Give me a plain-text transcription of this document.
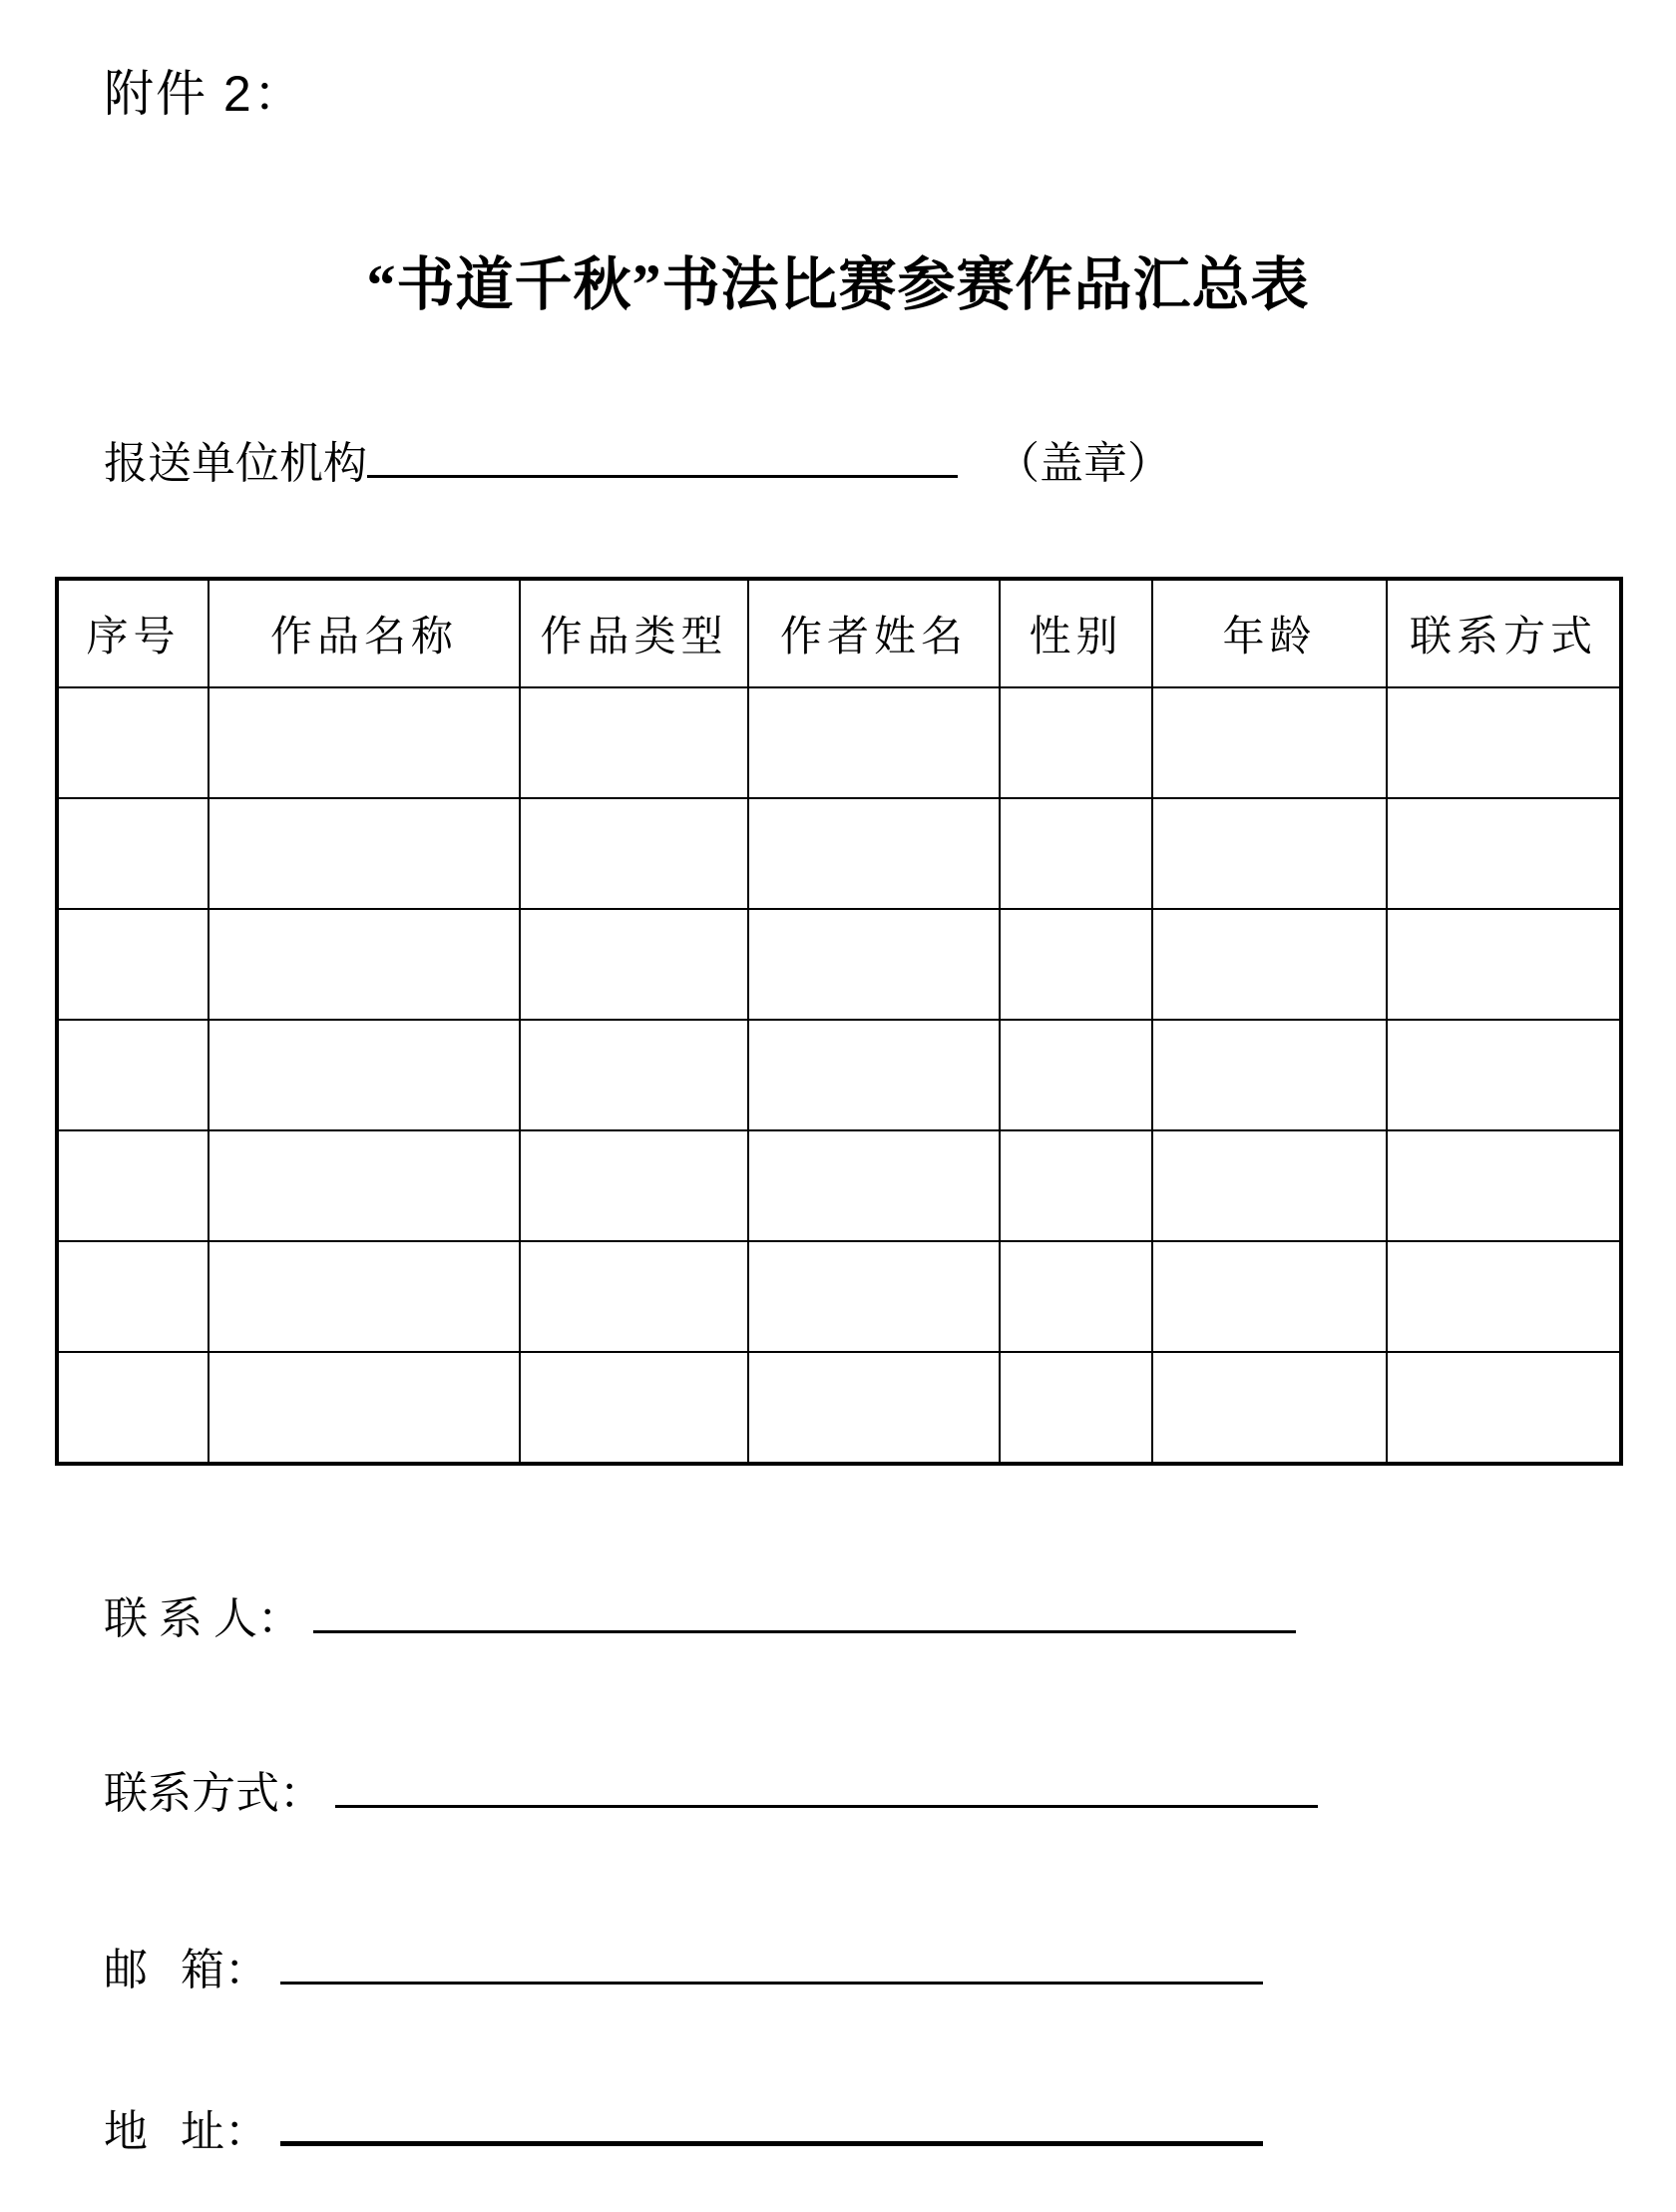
附件 2：
“书道千秋”书法比赛参赛作品汇总表
报送单位机构	（盖章）
序号	作品名称	作品类型	作者姓名	性别	年龄	联系方式

联 系 人：
联系方式：
邮   箱：
地   址：
